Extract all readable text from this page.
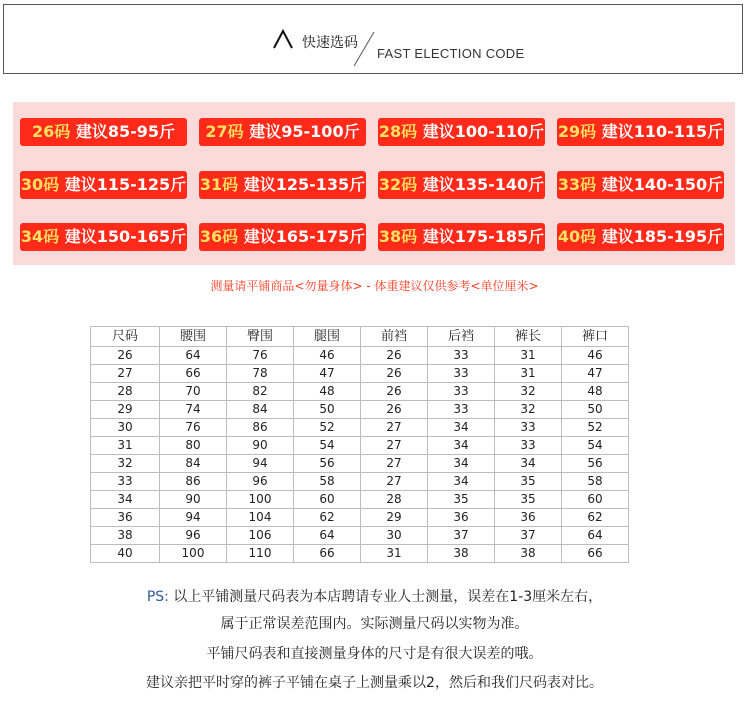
快速选码
FAST ELECTION CODE
26码 建议85-95斤	27码 建议95-100斤	28码 建议100-110斤 29码 建议110-115斤
30码 建议115-125斤 31码 建议125-135斤 32码 建议135-140斤 33码 建议140-150斤
34码 建议150-165斤 36码 建议165-175斤 38码 建议175-185斤 40码 建议185-195斤
测量请平铺商品<勿量身体> - 体重建议仅供参考<单位厘米>
尺码	腰围	臀围	腿围	前裆	后裆	裤长	裤口
26	64	76	46	26	33	31	46
27	66	78	47	26	33	31	47
28	70	82	48	26	33	32	48
29	74	84	50	26	33	32	50
30	76	86	52	27	34	33	52
31	80	90	54	27	34	33	54
32	84	94	56	27	34	34	56
33	86	96	58	27	34	35	58
34	90	100	60	28	35	35	60
36	94	104	62	29	36	36	62
38	96	106	64	30	37	37	64
40	100	110	66	31	38	38	66
PS: 以上平铺测量尺码表为本店聘请专业人士测量，误差在1-3厘米左右，
属于正常误差范围内。实际测量尺码以实物为准。
平铺尺码表和直接测量身体的尺寸是有很大误差的哦。
建议亲把平时穿的裤子平铺在桌子上测量乘以2，然后和我们尺码表对比。
